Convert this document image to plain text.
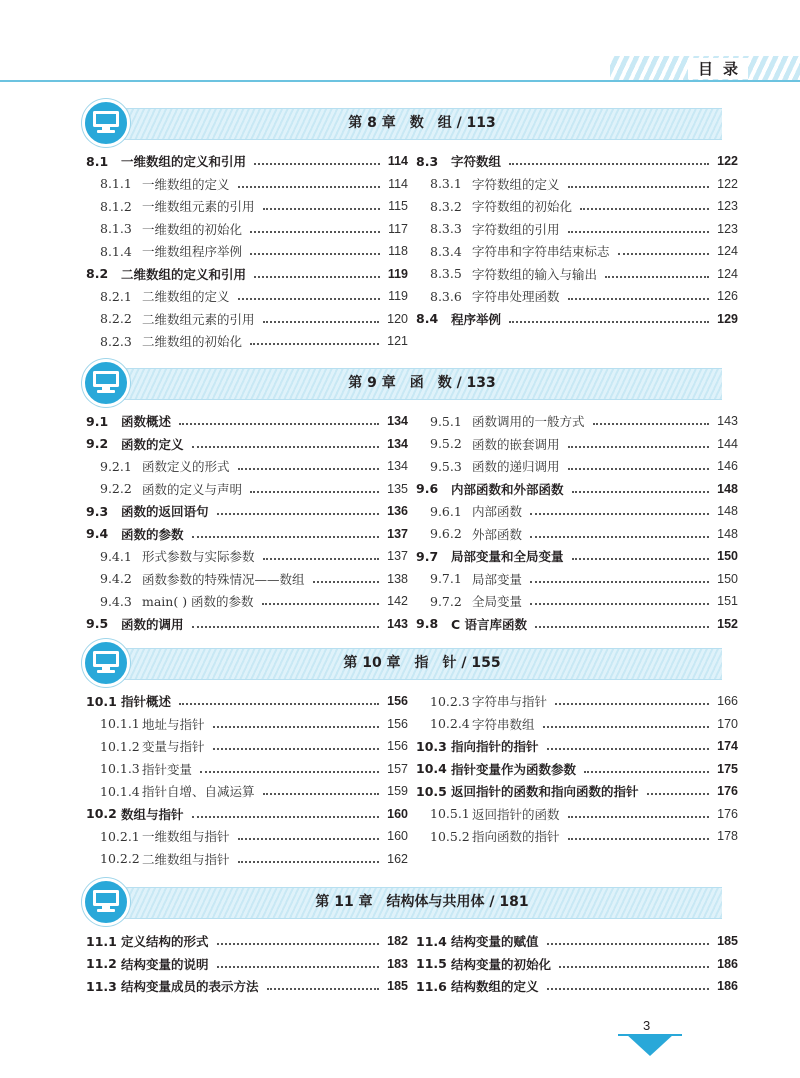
目录
第 8 章　数　组 / 113
8.1	一维数组的定义和引用	114
8.1.1 一维数组的定义	114
8.1.2 一维数组元素的引用	115
8.1.3 一维数组的初始化	117
8.1.4 一维数组程序举例	118
8.2	二维数组的定义和引用	119
8.2.1 二维数组的定义	119
8.2.2 二维数组元素的引用	120
8.2.3 二维数组的初始化	121
8.3	字符数组	122
8.3.1 字符数组的定义	122
8.3.2 字符数组的初始化	123
8.3.3 字符数组的引用	123
8.3.4 字符串和字符串结束标志	124
8.3.5 字符数组的输入与输出	124
8.3.6 字符串处理函数	126
8.4	程序举例	129
第 9 章　函　数 / 133
9.1	函数概述	134
9.2	函数的定义	134
9.2.1 函数定义的形式	134
9.2.2 函数的定义与声明	135
9.3	函数的返回语句	136
9.4	函数的参数	137
9.4.1 形式参数与实际参数	137
9.4.2 函数参数的特殊情况——数组	138
9.4.3 main( ) 函数的参数	142
9.5	函数的调用	143
9.5.1 函数调用的一般方式	143
9.5.2 函数的嵌套调用	144
9.5.3 函数的递归调用	146
9.6	内部函数和外部函数	148
9.6.1 内部函数	148
9.6.2 外部函数	148
9.7	局部变量和全局变量	150
9.7.1 局部变量	150
9.7.2 全局变量	151
9.8	C 语言库函数	152
第 10 章　指　针 / 155
10.1 指针概述	156
10.1.1 地址与指针	156
10.1.2 变量与指针	156
10.1.3 指针变量	157
10.1.4 指针自增、自减运算	159
10.2 数组与指针	160
10.2.1 一维数组与指针	160
10.2.2 二维数组与指针	162
10.2.3 字符串与指针	166
10.2.4 字符串数组	170
10.3 指向指针的指针	174
10.4 指针变量作为函数参数	175
10.5 返回指针的函数和指向函数的指针	176
10.5.1 返回指针的函数	176
10.5.2 指向函数的指针	178
第 11 章　结构体与共用体 / 181
11.1 定义结构的形式	182
11.2 结构变量的说明	183
11.3 结构变量成员的表示方法	185
11.4 结构变量的赋值	185
11.5 结构变量的初始化	186
11.6 结构数组的定义	186
3
